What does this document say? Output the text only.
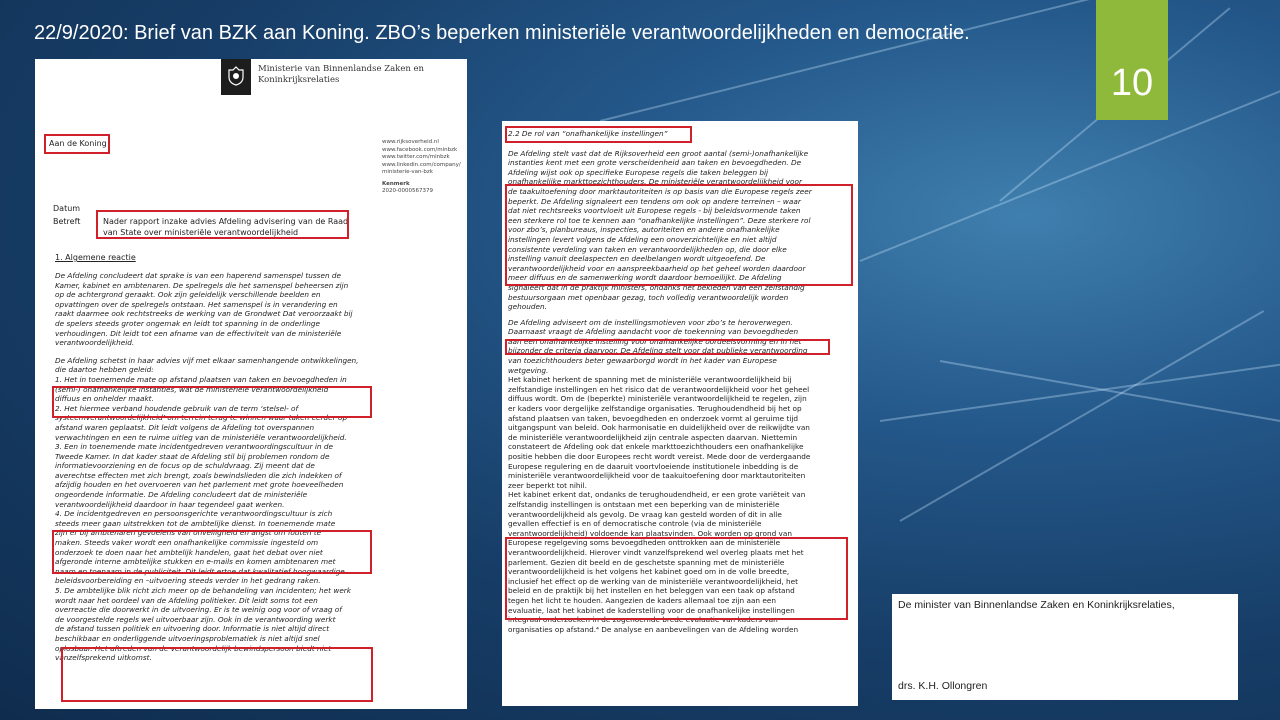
22/9/2020: Brief van BZK aan Koning. ZBO’s beperken ministeriële verantwoordelijkheden en democratie.
10
Ministerie van Binnenlandse Zaken en
Koninkrijksrelaties
Aan de Koning	www.rijksoverheid.nl
www.facebook.com/minbzk
www.twitter.com/minbzk
www.linkedin.com/company/
ministerie-van-bzk
Kenmerk
2020-0000567379
Datum
Betreft	Nader rapport inzake advies Afdeling advisering van de Raad
van State over ministeriële verantwoordelijkheid
1. Algemene reactie
De Afdeling concludeert dat sprake is van een haperend samenspel tussen de
Kamer, kabinet en ambtenaren. De spelregels die het samenspel beheersen zijn
op de achtergrond geraakt. Ook zijn geleidelijk verschillende beelden en
opvattingen over de spelregels ontstaan. Het samenspel is in verandering en
raakt daarmee ook rechtstreeks de werking van de Grondwet Dat veroorzaakt bij
de spelers steeds groter ongemak en leidt tot spanning in de onderlinge
verhoudingen. Dit leidt tot een afname van de effectiviteit van de ministeriële
verantwoordelijkheid.
De Afdeling schetst in haar advies vijf met elkaar samenhangende ontwikkelingen,
die daartoe hebben geleid:
1. Het in toenemende mate op afstand plaatsen van taken en bevoegdheden in
(semi-) onafhankelijke instanties, wat de ministeriële verantwoordelijkheid
diffuus en onhelder maakt.
2. Het hiermee verband houdende gebruik van de term ‘stelsel- of
systeemverantwoordelijkheid’ om terrein terug te winnen waar taken eerder op
afstand waren geplaatst. Dit leidt volgens de Afdeling tot overspannen
verwachtingen en een te ruime uitleg van de ministeriële verantwoordelijkheid.
3. Een in toenemende mate incidentgedreven verantwoordingscultuur in de
Tweede Kamer. In dat kader staat de Afdeling stil bij problemen rondom de
informatievoorziening en de focus op de schuldvraag. Zij meent dat de
averechtse effecten met zich brengt, zoals bewindslieden die zich indekken of
afzijdig houden en het overvoeren van het parlement met grote hoeveelheden
ongeordende informatie. De Afdeling concludeert dat de ministeriële
verantwoordelijkheid daardoor in haar tegendeel gaat werken.
4. De incidentgedreven en persoonsgerichte verantwoordingscultuur is zich
steeds meer gaan uitstrekken tot de ambtelijke dienst. In toenemende mate
zijn er bij ambtenaren gevoelens van onveiligheid en angst om fouten te
maken. Steeds vaker wordt een onafhankelijke commissie ingesteld om
onderzoek te doen naar het ambtelijk handelen, gaat het debat over niet
afgeronde interne ambtelijke stukken en e-mails en komen ambtenaren met
naam en toenaam in de publiciteit. Dit leidt ertoe dat kwalitatief hoogwaardige
beleidsvoorbereiding en –uitvoering steeds verder in het gedrang raken.
5. De ambtelijke blik richt zich meer op de behandeling van incidenten; het werk
wordt naar het oordeel van de Afdeling politieker. Dit leidt soms tot een
overreactie die doorwerkt in de uitvoering. Er is te weinig oog voor of vraag of
de voorgestelde regels wel uitvoerbaar zijn. Ook in de verantwoording werkt
de afstand tussen politiek en uitvoering door. Informatie is niet altijd direct
beschikbaar en onderliggende uitvoeringsproblematiek is niet altijd snel
oplosbaar. Het aftreden van de verantwoordelijk bewindspersoon biedt niet
vanzelfsprekend uitkomst.
2.2 De rol van “onafhankelijke instellingen”
De Afdeling stelt vast dat de Rijksoverheid een groot aantal (semi-)onafhankelijke
instanties kent met een grote verscheidenheid aan taken en bevoegdheden. De
Afdeling wijst ook op specifieke Europese regels die taken beleggen bij
onafhankelijke markttoezichthouders. De ministeriële verantwoordelijkheid voor
de taakuitoefening door marktautoriteiten is op basis van die Europese regels zeer
beperkt. De Afdeling signaleert een tendens om ook op andere terreinen – waar
dat niet rechtsreeks voortvloeit uit Europese regels - bij beleidsvormende taken
een sterkere rol toe te kennen aan “onafhankelijke instellingen”. Deze sterkere rol
voor zbo’s, planbureaus, inspecties, autoriteiten en andere onafhankelijke
instellingen levert volgens de Afdeling een onoverzichtelijke en niet altijd
consistente verdeling van taken en verantwoordelijkheden op, die door elke
instelling vanuit deelaspecten en deelbelangen wordt uitgeoefend. De
verantwoordelijkheid voor en aanspreekbaarheid op het geheel worden daardoor
meer diffuus en de samenwerking wordt daardoor bemoeilijkt. De Afdeling
signaleert dat in de praktijk ministers, ondanks het bekleden van een zelfstandig
bestuursorgaan met openbaar gezag, toch volledig verantwoordelijk worden
gehouden.
De Afdeling adviseert om de instellingsmotieven voor zbo’s te heroverwegen.
Daarnaast vraagt de Afdeling aandacht voor de toekenning van bevoegdheden
aan een onafhankelijke instelling voor onafhankelijke oordeelsvorming en in het
bijzonder de criteria daarvoor. De Afdeling stelt voor dat publieke verantwoording
van toezichthouders beter gewaarborgd wordt in het kader van Europese
wetgeving.
Het kabinet herkent de spanning met de ministeriële verantwoordelijkheid bij
zelfstandige instellingen en het risico dat de verantwoordelijkheid voor het geheel
diffuus wordt. Om de (beperkte) ministeriële verantwoordelijkheid te regelen, zijn
er kaders voor dergelijke zelfstandige organisaties. Terughoudendheid bij het op
afstand plaatsen van taken, bevoegdheden en onderzoek vormt al geruime tijd
uitgangspunt van beleid. Ook harmonisatie en duidelijkheid over de reikwijdte van
de ministeriële verantwoordelijkheid zijn centrale aspecten daarvan. Niettemin
constateert de Afdeling ook dat enkele markttoezichthouders een onafhankelijke
positie hebben die door Europees recht wordt vereist. Mede door de verdergaande
Europese regulering en de daaruit voortvloeiende institutionele inbedding is de
ministeriële verantwoordelijkheid voor de taakuitoefening door marktautoriteiten
zeer beperkt tot nihil.
Het kabinet erkent dat, ondanks de terughoudendheid, er een grote variëteit van
zelfstandig instellingen is ontstaan met een beperking van de ministeriële
verantwoordelijkheid als gevolg. De vraag kan gesteld worden of dit in alle
gevallen effectief is en of democratische controle (via de ministeriële
verantwoordelijkheid) voldoende kan plaatsvinden. Ook worden op grond van
Europese regelgeving soms bevoegdheden onttrokken aan de ministeriële
verantwoordelijkheid. Hierover vindt vanzelfsprekend wel overleg plaats met het
parlement. Gezien dit beeld en de geschetste spanning met de ministeriële
verantwoordelijkheid is het volgens het kabinet goed om in de volle breedte,
inclusief het effect op de werking van de ministeriële verantwoordelijkheid, het
beleid en de praktijk bij het instellen en het beleggen van een taak op afstand
tegen het licht te houden. Aangezien de kaders allemaal toe zijn aan een
evaluatie, laat het kabinet de kaderstelling voor de onafhankelijke instellingen
integraal onderzoeken in de zogenoemde brede evaluatie van kaders van
organisaties op afstand.⁴ De analyse en aanbevelingen van de Afdeling worden
De minister van Binnenlandse Zaken en Koninkrijksrelaties,
drs. K.H. Ollongren
